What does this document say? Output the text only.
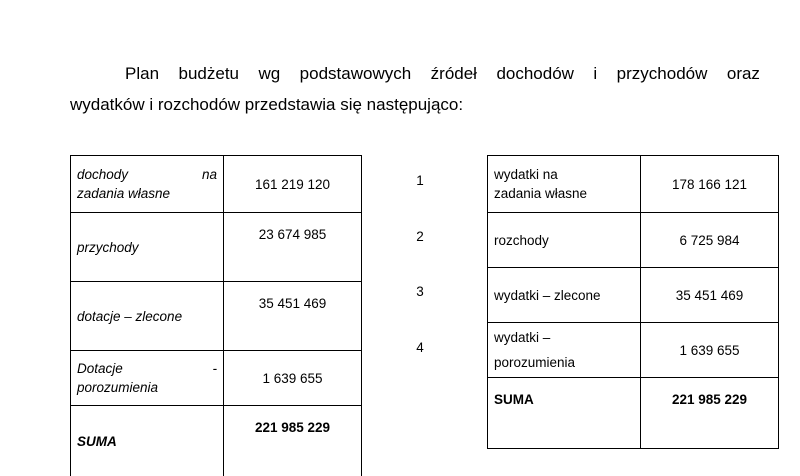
Plan budżetu wg podstawowych źródeł dochodów i przychodów oraz
wydatków i rozchodów przedstawia się następująco:
dochody na
zadania własne	161 219 120
przychody	23 674 985
dotacje – zlecone	35 451 469

Dotacje -
porozumienia	1 639 655
SUMA	221 985 229
1
2
3
4
wydatki na
zadania własne	178 166 121
rozchody	6 725 984
wydatki – zlecone	35 451 469

wydatki –
porozumienia	1 639 655
SUMA	221 985 229
